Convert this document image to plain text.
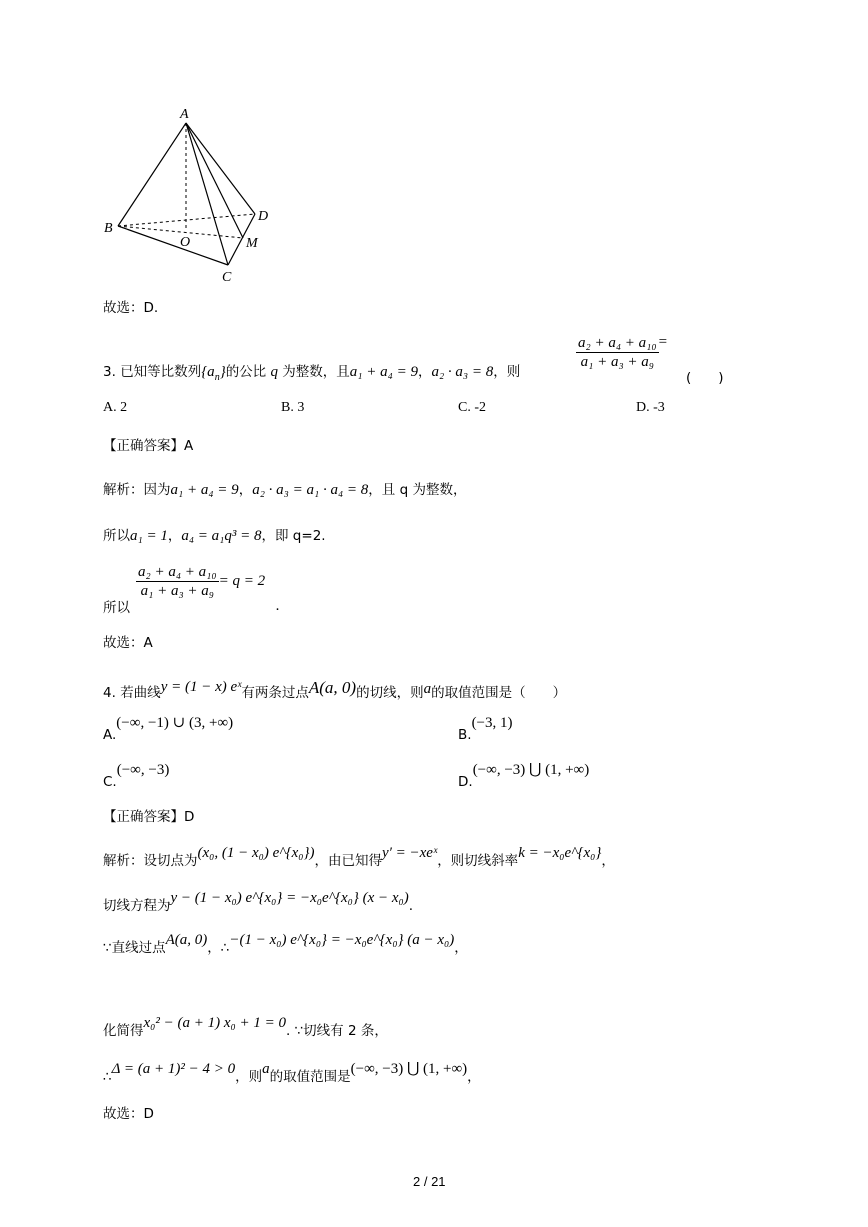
A
B
O
D
M
C
故选：D.
3. 已知等比数列$\{a_n\}$的公比 q 为整数，且a₁ + a₄ = 9，a₂ · a₃ = 8，则
$\frac{\text{a₂ + a₄ + a₁₀}}{\text{a₁ + a₃ + a₉}}$ =
(　　)
A. 2	B. 3	C. -2	D. -3
【正确答案】A
解析：因为a₁ + a₄ = 9，a₂ · a₃ = a₁ · a₄ = 8，且 q 为整数，
所以a₁ = 1，a₄ = a₁q³ = 8，即 q=2.
所以
$\frac{\text{a₂ + a₄ + a₁₀}}{\text{a₁ + a₃ + a₉}} = q = 2$
.
故选：A
4. 若曲线y = (1 − x) eˣ有两条过点A(a, 0)的切线，则a的取值范围是（　　）
A.(−∞, −1) ∪ (3, +∞)
B.(−3, 1)
C.(−∞, −3)
D.(−∞, −3) ⋃ (1, +∞)
【正确答案】D
解析：设切点为(x₀, (1 − x₀) e^{x₀})，由已知得y′ = −xeˣ，则切线斜率k = −x₀e^{x₀}，
切线方程为y − (1 − x₀) e^{x₀} = −x₀e^{x₀} (x − x₀).
∵直线过点A(a, 0)，∴−(1 − x₀) e^{x₀} = −x₀e^{x₀} (a − x₀)，
化简得x₀² − (a + 1) x₀ + 1 = 0. ∵切线有 2 条，
∴Δ = (a + 1)² − 4 > 0，则a的取值范围是(−∞, −3) ⋃ (1, +∞)，
故选：D
2 / 21
